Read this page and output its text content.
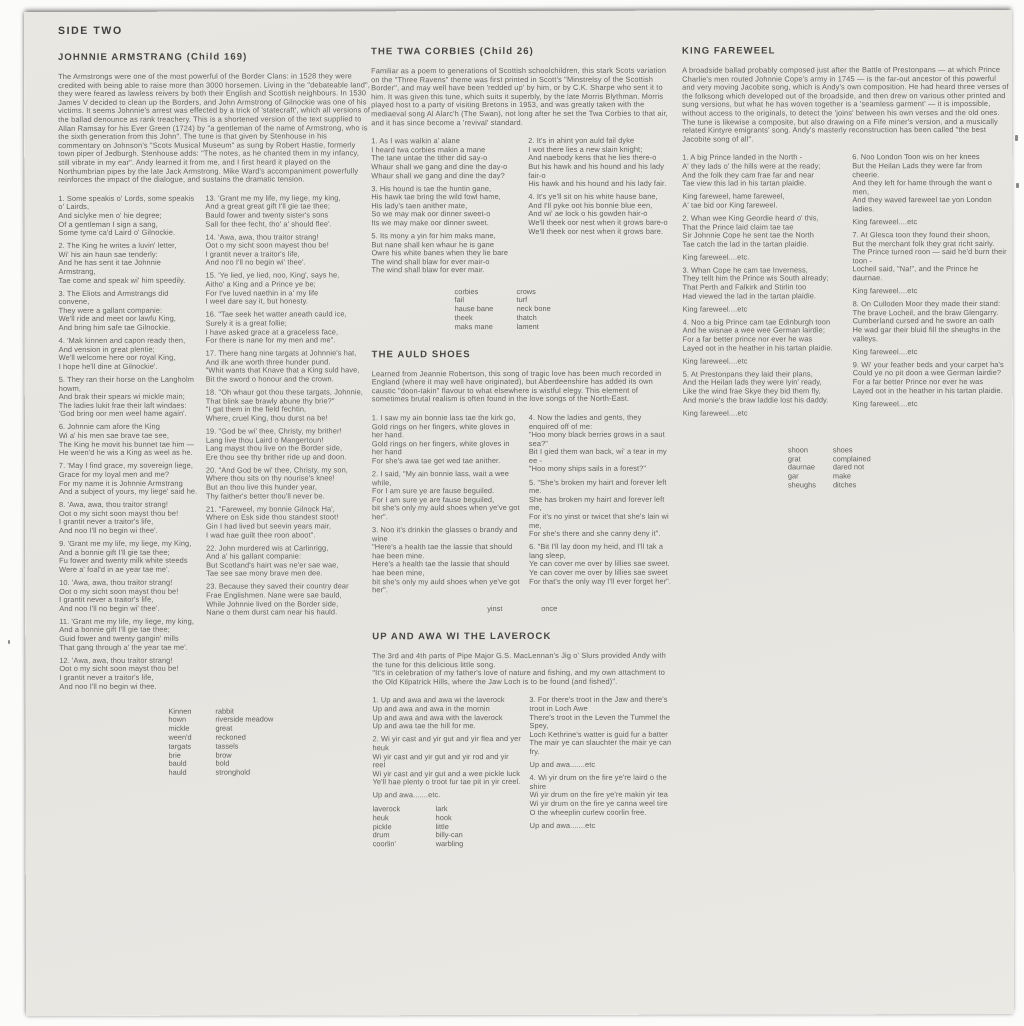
SIDE TWO
JOHNNIE ARMSTRANG (Child 169)

The Armstrongs were one of the most powerful of the Border Clans: in 1528 they were credited with being able to raise more than 3000 horsemen. Living in the "debateable land", they were feared as lawless reivers by both their English and Scottish neighbours. In 1530 James V decided to clean up the Borders, and John Armstrong of Gilnockie was one of his victims. It seems Johnnie's arrest was effected by a trick of 'statecraft', which all versions of the ballad denounce as rank treachery. This is a shortened version of the text supplied to Allan Ramsay for his Ever Green (1724) by "a gentleman of the name of Armstrong, who is the sixth generation from this John". The tune is that given by Stenhouse in his commentary on Johnson's "Scots Musical Museum" as sung by Robert Hastie, formerly town piper of Jedburgh. Stenhouse adds: "The notes, as he chanted them in my infancy, still vibrate in my ear". Andy learned it from me, and I first heard it played on the Northumbrian pipes by the late Jack Armstrong. Mike Ward's accompaniment powerfully reinforces the impact of the dialogue, and sustains the dramatic tension.

1. Some speakis o' Lords, some speakis o' Lairds,
And siclyke men o' hie degree;
Of a gentleman I sign a sang,
Some tyme ca'd Laird o' Gilnockie.

2. The King he writes a luvin' letter,
Wi' his ain haun sae tenderly:
And he has sent it tae Johnnie Armstrang,
Tae come and speak wi' him speedily.

3. The Eliots and Armstrangs did convene,
They were a gallant companie:
We'll ride and meet oor lawfu King,
And bring him safe tae Gilnockie.

4. 'Mak kinnen and capon ready then,
And vension in great plentie;
We'll welcome here oor royal King,
I hope he'll dine at Gilnockie'.

5. They ran their horse on the Langholm howm,
And brak their spears wi mickle main;
The ladies lukit frae their laft windaes:
'God bring oor men weel hame again'.

6. Johnnie cam afore the King
Wi a' his men sae brave tae see,
The King he movit his bunnet tae him —
He ween'd he wis a King as weel as he.

7. 'May I find grace, my sovereign liege,
Grace for my loyal men and me?
For my name it is Johnnie Armstrang
And a subject of yours, my liege' said he.

8. 'Awa, awa, thou traitor strang!
Oot o my sicht soon mayst thou be!
I grantit never a traitor's life,
And noo I'll no begin wi thee'.

9. 'Grant me my life, my liege, my King,
And a bonnie gift I'll gie tae thee;
Fu fower and twenty milk white steeds
Were a' foal'd in ae year tae me'.

10. 'Awa, awa, thou traitor strang!
Oot o my sicht soon mayst thou be!
I grantit never a traitor's life,
And noo I'll no begin wi' thee'.

11. 'Grant me my life, my liege, my king,
And a bonnie gift I'll gie tae thee;
Guid fower and twenty gangin' mills
That gang through a' the year tae me'.

12. 'Awa, awa, thou traitor strang!
Oot o my sicht soon mayst thou be!
I grantit never a traitor's life,
And noo I'll no begin wi thee.

13. 'Grant me my life, my liege, my king,
And a great great gift I'll gie tae thee;
Bauld fower and twenty sister's sons
Sall for thee fecht, tho' a' should flee'.

14. 'Awa, awa, thou traitor strang!
Oot o my sicht soon mayest thou be!
I grantit never a traitor's life,
And noo I'll no begin wi' thee'.

15. 'Ye lied, ye lied, noo, King', says he,
Aitho' a King and a Prince ye be;
For I've luved naethin in a' my life
I weel dare say it, but honesty.

16. "Tae seek het watter aneath cauld ice,
Surely it is a great follie;
I have asked grace at a graceless face,
For there is nane for my men and me".

17. There hang nine targats at Johnnie's hat,
And ilk ane worth three hunder pund.
"Whit wants that Knave that a King suld have,
Bit the sword o honour and the crown.

18. "Oh whaur got thou these targats, Johnnie,
That blink sae brawly abune thy brie?"
"I gat them in the field fechtin,
Where, cruel King, thou durst na be!

19. "God be wi' thee, Christy, my brither!
Lang live thou Laird o Mangertoun!
Lang mayst thou live on the Border side,
Ere thou see thy brither ride up and doon.

20. "And God be wi' thee, Christy, my son,
Where thou sits on thy nourise's knee!
But an thou live this hunder year,
Thy faither's better thou'll never be.

21. "Fareweel, my bonnie Gilnock Ha',
Where on Esk side thou standest stoot!
Gin I had lived but seevin years mair,
I wad hae guilt thee roon aboot".

22. John murdered wis at Carlinrigg,
And a' his gallant companie:
But Scotland's hairt was ne'er sae wae,
Tae see sae mony brave men dee.

23. Because they saved their country dear
Frae Englishmen. Nane were sae bauld,
While Johnnie lived on the Border side,
Nane o them durst cam near his hauld.

Kinnen	rabbit
hown	riverside meadow
mickle	great
ween'd	reckoned
targats	tassels
brie	brow
bauld	bold
hauld	stronghold
THE TWA CORBIES (Child 26)

Familiar as a poem to generations of Scottish schoolchildren, this stark Scots variation on the "Three Ravens" theme was first printed in Scott's "Minstrelsy of the Scottish Border", and may well have been 'redded up' by him, or by C.K. Sharpe who sent it to him. It was given this tune, which suits it superbly, by the late Morris Blythman. Morris played host to a party of visiting Bretons in 1953, and was greatly taken with the mediaeval song Al Alarc'h (The Swan), not long after he set the Twa Corbies to that air, and it has since become a 'revival' standard.

1. As I was walkin a' alane
I heard twa corbies makin a mane
The tane untae the tither did say-o
Whaur shall we gang and dine the day-o
Whaur shall we gang and dine the day?

3. His hound is tae the huntin gane,
His hawk tae bring the wild fowl hame,
His lady's taen anither mate,
So we may mak oor dinner sweet-o
Its we may make oor dinner sweet.

5. Its mony a yin for him maks mane,
But nane shall ken whaur he is gane
Owre his white banes when they lie bare
The wind shall blaw for ever mair-o
The wind shall blaw for ever mair.

2. It's in ahint yon auld fail dyke
I wot there lies a new slain knight;
And naebody kens that he lies there-o
But his hawk and his hound and his lady fair-o
His hawk and his hound and his lady fair.

4. It's ye'll sit on his white hause bane,
And I'll pyke oot his bonnie blue een,
And wi' ae lock o his gowden hair-o
We'll theek oor nest when it grows bare-o
We'll theek oor nest when it grows bare.

corbies	crows
fail	turf
hause bane	neck bone
theek	thatch
maks mane	lament
THE AULD SHOES

Learned from Jeannie Robertson, this song of tragic love has been much recorded in England (where it may well have originated), but Aberdeenshire has added its own caustic "doon-takin" flavour to what elsewhere is wistful elegy. This element of sometimes brutal realism is often found in the love songs of the North-East.

1. I saw my ain bonnie lass tae the kirk go,
Gold rings on her fingers, white gloves in her hand.
Gold rings on her fingers, white gloves in her hand
For she's awa tae get wed tae anither.

2. I said, "My ain bonnie lass, wait a wee while,
For I am sure ye are fause beguiled.
For I am sure ye are fause beguiled,
bit she's only my auld shoes when ye've got her".

3. Noo it's drinkin the glasses o brandy and wine
"Here's a health tae the lassie that should hae been mine.
Here's a health tae the lassie that should hae been mine,
bit she's only my auld shoes when ye've got her".

4. Now the ladies and gents, they enquired off of me:
"Hoo mony black berries grows in a saut sea?"
Bit I gied them wan back, wi' a tear in my ee -
"Hoo mony ships sails in a forest?"

5. "She's broken my hairt and forever left me.
She has broken my hairt and forever left me,
For it's no yinst or twicet that she's lain wi me,
For she's there and she canny deny it".

6. "Bit I'll lay doon my heid, and I'll tak a lang sleep,
Ye can cover me over by lillies sae sweet.
Ye can cover me over by lillies sae sweet
For that's the only way I'll ever forget her".

yinst	once
UP AND AWA WI THE LAVEROCK

The 3rd and 4th parts of Pipe Major G.S. MacLennan's Jig o' Slurs provided Andy with the tune for this delicious little song.
"It's in celebration of my father's love of nature and fishing, and my own attachment to the Old Kilpatrick Hills, where the Jaw Loch is to be found (and fished)".

1. Up and awa and awa wi the laverock
Up and awa and awa in the mornin
Up and awa and awa with the laverock
Up and awa tae the hill for me.

2. Wi yir cast and yir gut and yir flea and yer heuk
Wi yir cast and yir gut and yir rod and yir reel
Wi yir cast and yir gut and a wee pickle luck
Ye'll hae plenty o troot fur tae pit in yir creel.

Up and awa.......etc.

laverock	lark
heuk	hook
pickle	little
drum	billy-can
coorlin'	warbling

3. For there's troot in the Jaw and there's troot in Loch Awe
There's troot in the Leven the Tummel the Spey,
Loch Kethrine's watter is guid fur a batter
The mair ye can slauchter the mair ye can fry.

Up and awa.......etc

4. Wi yir drum on the fire ye're laird o the shire
Wi yir drum on the fire ye're makin yir tea
Wi yir drum on the fire ye canna weel tire
O the wheeplin curlew coorlin free.

Up and awa.......etc

KING FAREWEEL

A broadside ballad probably composed just after the Battle of Prestonpans — at which Prince Charlie's men routed Johnnie Cope's army in 1745 — is the far-out ancestor of this powerful and very moving Jacobite song, which is Andy's own composition. He had heard three verses of the folksong which developed out of the broadside, and then drew on various other printed and sung versions, but what he has woven together is a 'seamless garment' — it is impossible, without access to the originals, to detect the 'joins' between his own verses and the old ones. The tune is likewise a composite, but also drawing on a Fife miner's version, and a musically related Kintyre emigrants' song. Andy's masterly reconstruction has been called "the best Jacobite song of all".

1. A big Prince landed in the North -
A' they lads o' the hills were at the ready;
And the folk they cam frae far and near
Tae view this lad in his tartan plaidie.

King fareweel, hame fareweel,
A' tae bid oor King fareweel.

2. Whan wee King Geordie heard o' this,
That the Prince laid claim tae tae
Sir Johnnie Cope he sent tae the North
Tae catch the lad in the tartan plaidie.

King fareweel....etc.

3. Whan Cope he cam tae Inverness,
They tellt him the Prince wis South already;
That Perth and Falkirk and Stirlin too
Had viewed the lad in the tartan plaidie.

King fareweel....etc

4. Noo a big Prince cam tae Edinburgh toon
And he wisnae a wee wee German lairdie;
For a far better prince nor ever he was
Layed oot in the heather in his tartan plaidie.

King fareweel....etc

5. At Prestonpans they laid their plans,
And the Heilan lads they were lyin' ready,
Like the wind frae Skye they bid them fly,
And monie's the braw laddie lost his daddy.

King fareweel....etc

6. Noo London Toon wis on her knees
But the Heilan Lads they were far from cheerie.
And they left for hame through the want o men,
And they waved fareweel tae yon London ladies.

King fareweel....etc

7. At Glesca toon they found their shoon,
But the merchant folk they grat richt sairly.
The Prince turned roon — said he'd burn their toon -
Locheil said, "Na!", and the Prince he daurnae.

King fareweel....etc

8. On Culloden Moor they made their stand:
The brave Locheil, and the braw Glengarry.
Cumberland cursed and he swore an oath
He wad gar their bluid fill the sheughs in the valleys.

King fareweel....etc

9. Wi' your feather beds and your carpet ha's
Could ye no pit doon a wee German lairdie?
For a far better Prince nor ever he was
Layed oot in the heather in his tartan plaidie.

King fareweel....etc

shoon	shoes
grat	complained
daurnae	dared not
gar	make
sheughs	ditches
